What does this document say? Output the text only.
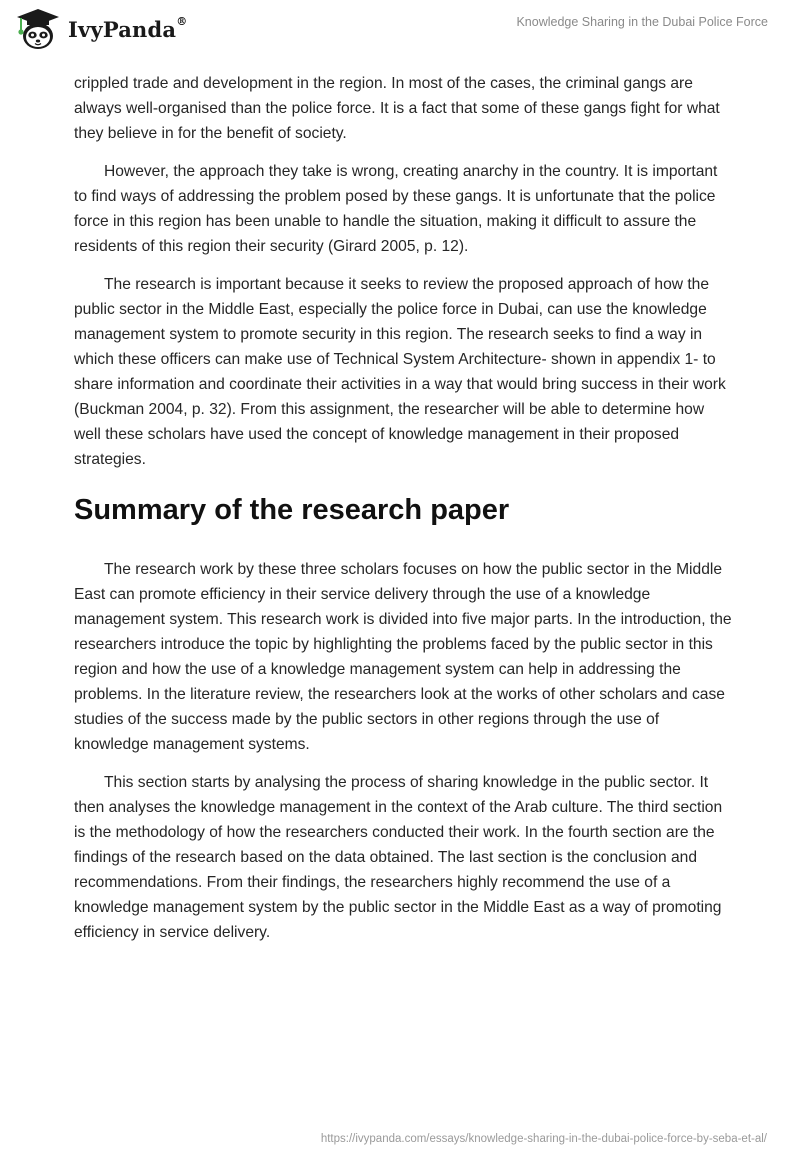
IvyPanda®	Knowledge Sharing in the Dubai Police Force

crippled trade and development in the region. In most of the cases, the criminal gangs are always well-organised than the police force. It is a fact that some of these gangs fight for what they believe in for the benefit of society.

However, the approach they take is wrong, creating anarchy in the country. It is important to find ways of addressing the problem posed by these gangs. It is unfortunate that the police force in this region has been unable to handle the situation, making it difficult to assure the residents of this region their security (Girard 2005, p. 12).

The research is important because it seeks to review the proposed approach of how the public sector in the Middle East, especially the police force in Dubai, can use the knowledge management system to promote security in this region. The research seeks to find a way in which these officers can make use of Technical System Architecture- shown in appendix 1- to share information and coordinate their activities in a way that would bring success in their work (Buckman 2004, p. 32). From this assignment, the researcher will be able to determine how well these scholars have used the concept of knowledge management in their proposed strategies.

Summary of the research paper

The research work by these three scholars focuses on how the public sector in the Middle East can promote efficiency in their service delivery through the use of a knowledge management system. This research work is divided into five major parts. In the introduction, the researchers introduce the topic by highlighting the problems faced by the public sector in this region and how the use of a knowledge management system can help in addressing the problems. In the literature review, the researchers look at the works of other scholars and case studies of the success made by the public sectors in other regions through the use of knowledge management systems.

This section starts by analysing the process of sharing knowledge in the public sector. It then analyses the knowledge management in the context of the Arab culture. The third section is the methodology of how the researchers conducted their work. In the fourth section are the findings of the research based on the data obtained. The last section is the conclusion and recommendations. From their findings, the researchers highly recommend the use of a knowledge management system by the public sector in the Middle East as a way of promoting efficiency in service delivery.

https://ivypanda.com/essays/knowledge-sharing-in-the-dubai-police-force-by-seba-et-al/
